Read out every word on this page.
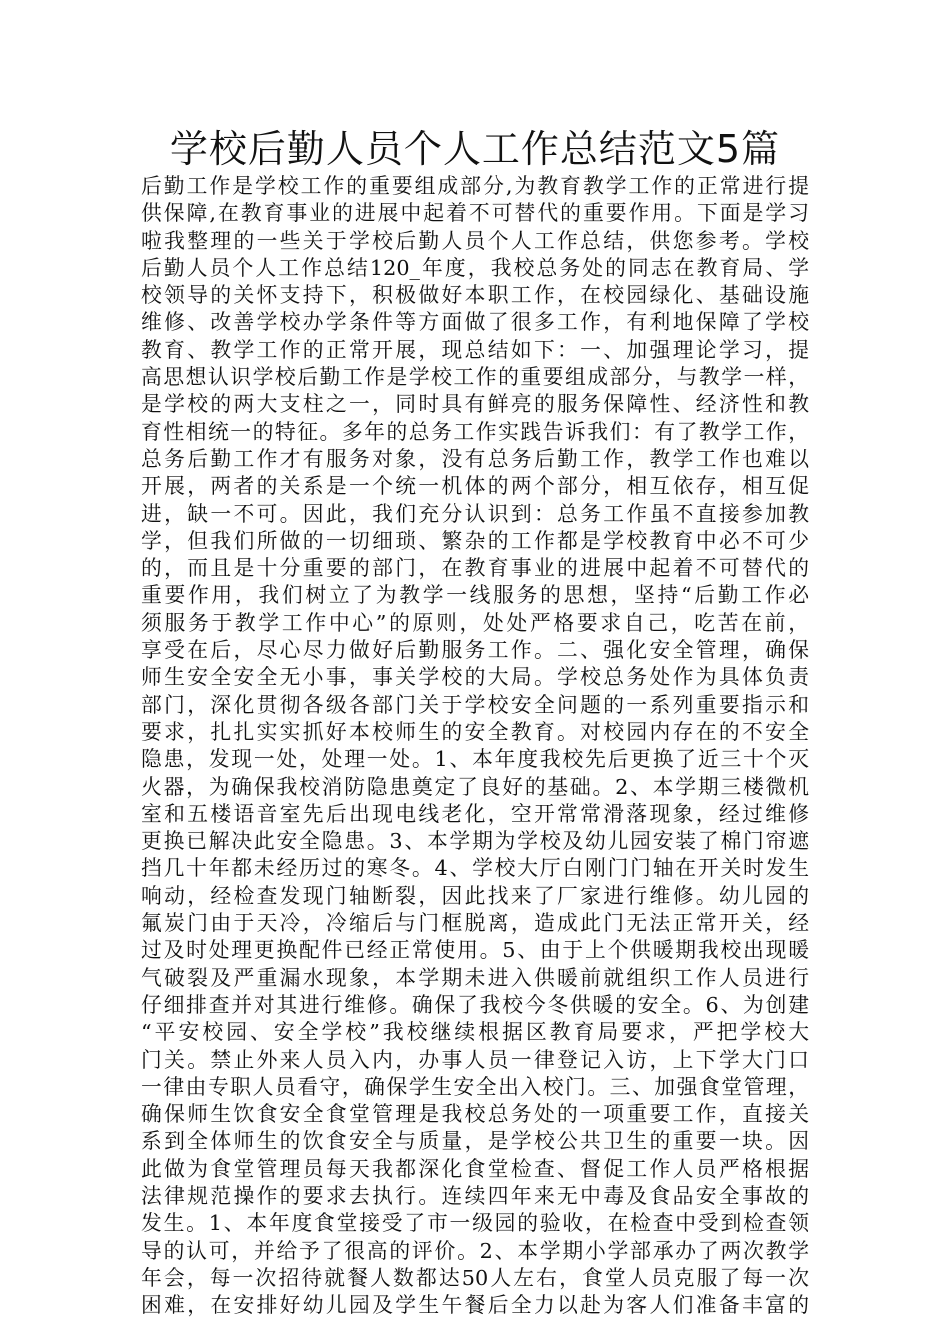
学校后勤人员个人工作总结范文5篇
后勤工作是学校工作的重要组成部分,为教育教学工作的正常进行提
供保障,在教育事业的进展中起着不可替代的重要作用。下面是学习
啦我整理的一些关于学校后勤人员个人工作总结，供您参考。学校
后勤人员个人工作总结120_年度，我校总务处的同志在教育局、学
校领导的关怀支持下，积极做好本职工作，在校园绿化、基础设施
维修、改善学校办学条件等方面做了很多工作，有利地保障了学校
教育、教学工作的正常开展，现总结如下：一、加强理论学习，提
高思想认识学校后勤工作是学校工作的重要组成部分，与教学一样，
是学校的两大支柱之一，同时具有鲜亮的服务保障性、经济性和教
育性相统一的特征。多年的总务工作实践告诉我们：有了教学工作，
总务后勤工作才有服务对象，没有总务后勤工作，教学工作也难以
开展，两者的关系是一个统一机体的两个部分，相互依存，相互促
进，缺一不可。因此，我们充分认识到：总务工作虽不直接参加教
学，但我们所做的一切细琐、繁杂的工作都是学校教育中必不可少
的，而且是十分重要的部门，在教育事业的进展中起着不可替代的
重要作用，我们树立了为教学一线服务的思想，坚持“后勤工作必
须服务于教学工作中心”的原则，处处严格要求自己，吃苦在前，
享受在后，尽心尽力做好后勤服务工作。二、强化安全管理，确保
师生安全安全无小事，事关学校的大局。学校总务处作为具体负责
部门，深化贯彻各级各部门关于学校安全问题的一系列重要指示和
要求，扎扎实实抓好本校师生的安全教育。对校园内存在的不安全
隐患，发现一处，处理一处。1、本年度我校先后更换了近三十个灭
火器，为确保我校消防隐患奠定了良好的基础。2、本学期三楼微机
室和五楼语音室先后出现电线老化，空开常常滑落现象，经过维修
更换已解决此安全隐患。3、本学期为学校及幼儿园安装了棉门帘遮
挡几十年都未经历过的寒冬。4、学校大厅白刚门门轴在开关时发生
响动，经检查发现门轴断裂，因此找来了厂家进行维修。幼儿园的
氟炭门由于天冷，冷缩后与门框脱离，造成此门无法正常开关，经
过及时处理更换配件已经正常使用。5、由于上个供暖期我校出现暖
气破裂及严重漏水现象，本学期未进入供暖前就组织工作人员进行
仔细排查并对其进行维修。确保了我校今冬供暖的安全。6、为创建
“平安校园、安全学校”我校继续根据区教育局要求，严把学校大
门关。禁止外来人员入内，办事人员一律登记入访，上下学大门口
一律由专职人员看守，确保学生安全出入校门。三、加强食堂管理，
确保师生饮食安全食堂管理是我校总务处的一项重要工作，直接关
系到全体师生的饮食安全与质量，是学校公共卫生的重要一块。因
此做为食堂管理员每天我都深化食堂检查、督促工作人员严格根据
法律规范操作的要求去执行。连续四年来无中毒及食品安全事故的
发生。1、本年度食堂接受了市一级园的验收，在检查中受到检查领
导的认可，并给予了很高的评价。2、本学期小学部承办了两次教学
年会，每一次招待就餐人数都达50人左右，食堂人员克服了每一次
困难，在安排好幼儿园及学生午餐后全力以赴为客人们准备丰富的
